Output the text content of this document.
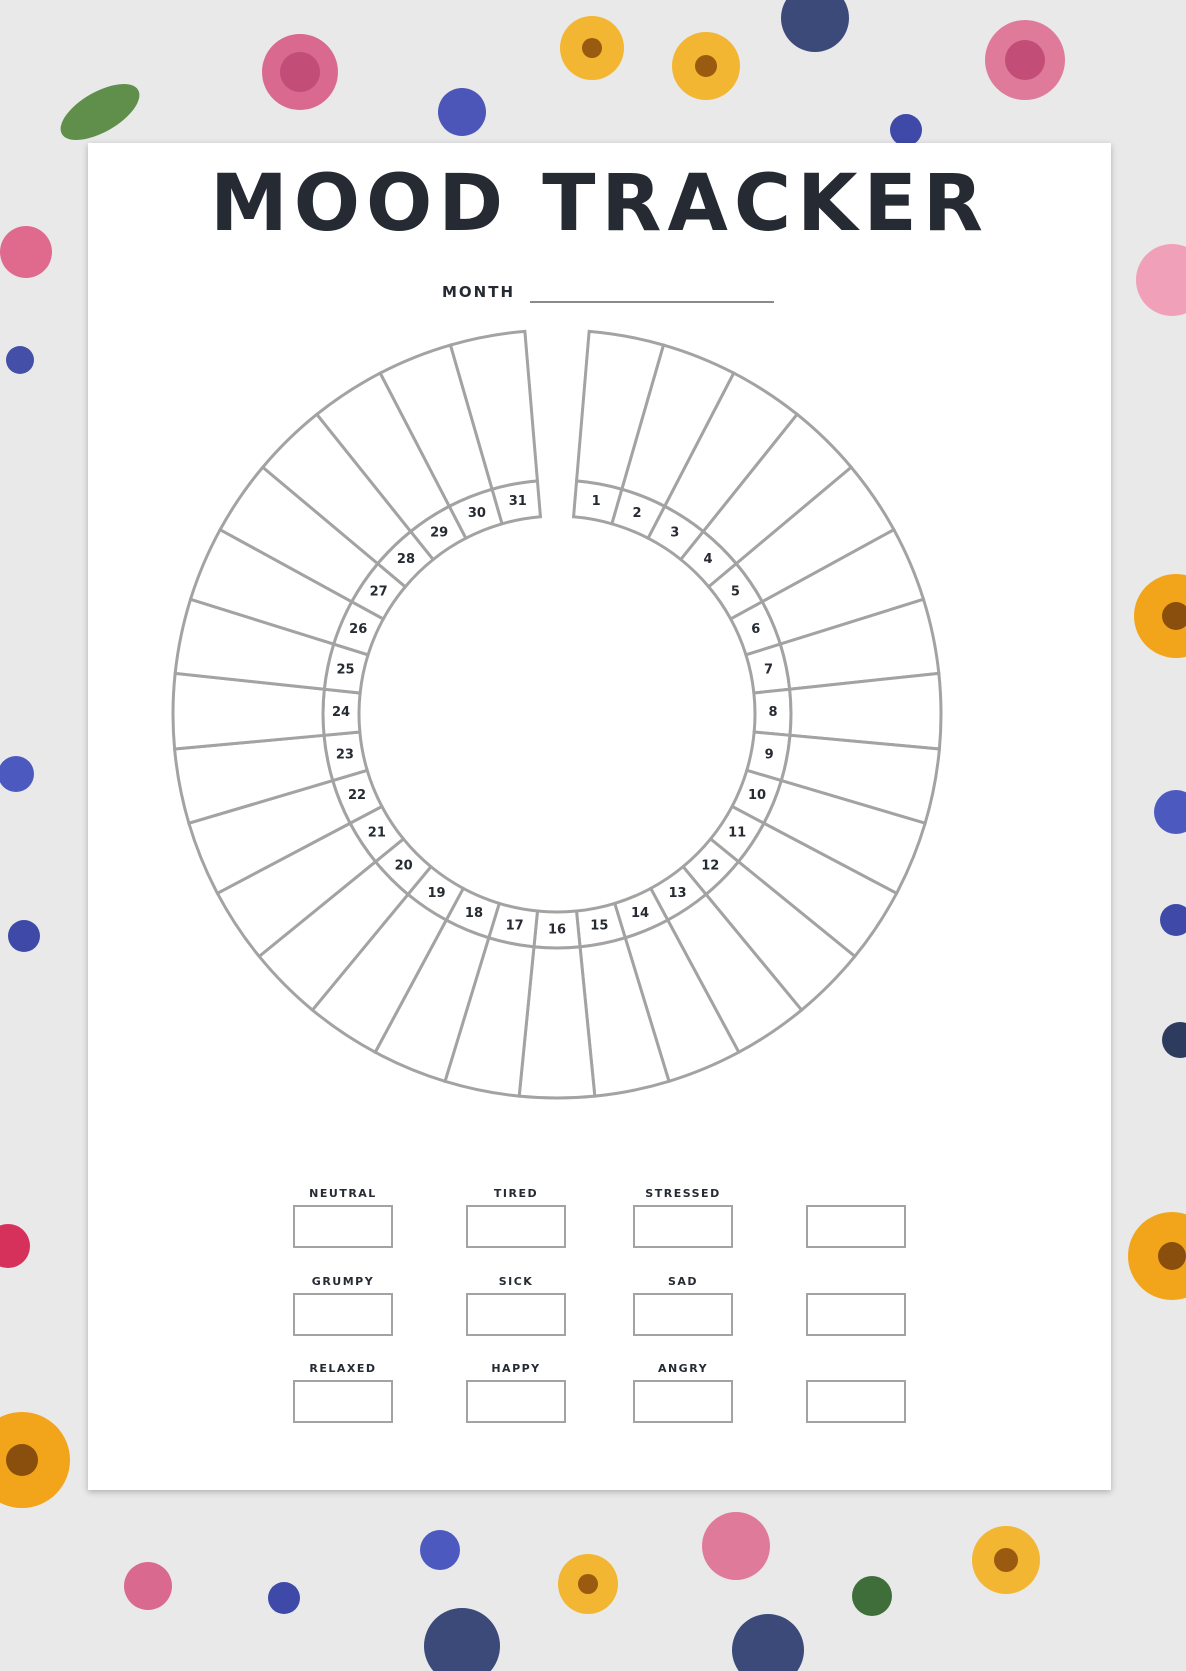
MOOD TRACKER
MONTH
1
2
3
4
5
6
7
8
9
10
11
12
13
14
15
16
17
18
19
20
21
22
23
24
25
26
27
28
29
30
31
NEUTRAL	TIRED	STRESSED
GRUMPY	SICK	SAD
RELAXED	HAPPY	ANGRY
